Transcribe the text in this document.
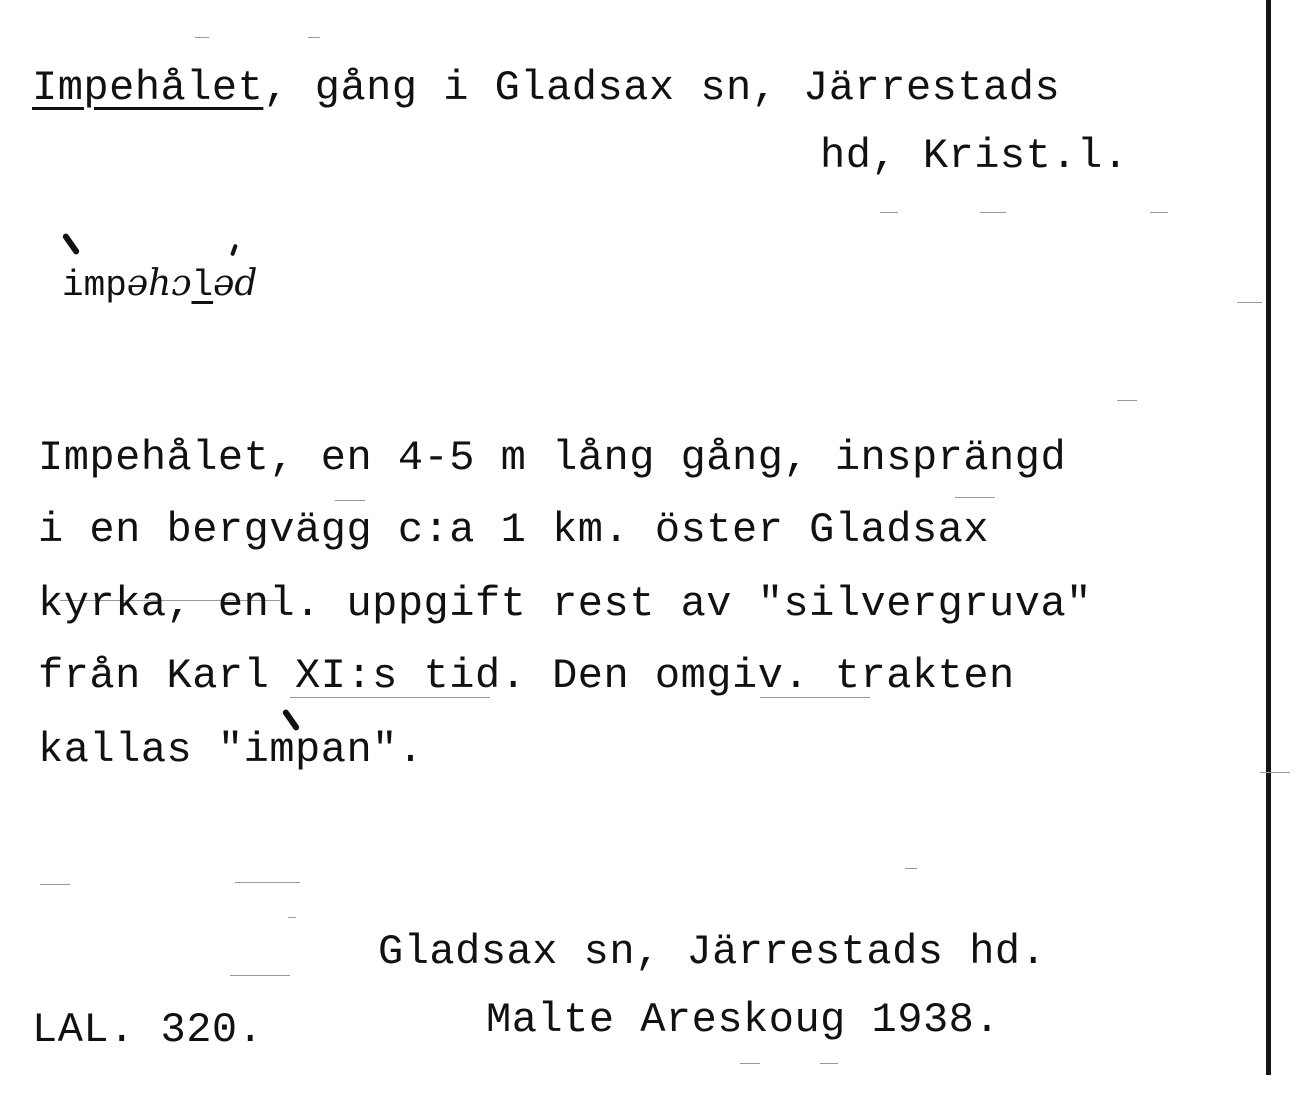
Impehålet, gång i Gladsax sn, Järrestads
hd, Krist.l.
impəhɔləd
Impehålet, en 4-5 m lång gång, insprängd
i en bergvägg c:a 1 km. öster Gladsax
kyrka, enl. uppgift rest av "silvergruva"
från Karl XI:s tid. Den omgiv. trakten
kallas "impan".
Gladsax sn, Järrestads hd.
LAL. 320.	Malte Areskoug 1938.
